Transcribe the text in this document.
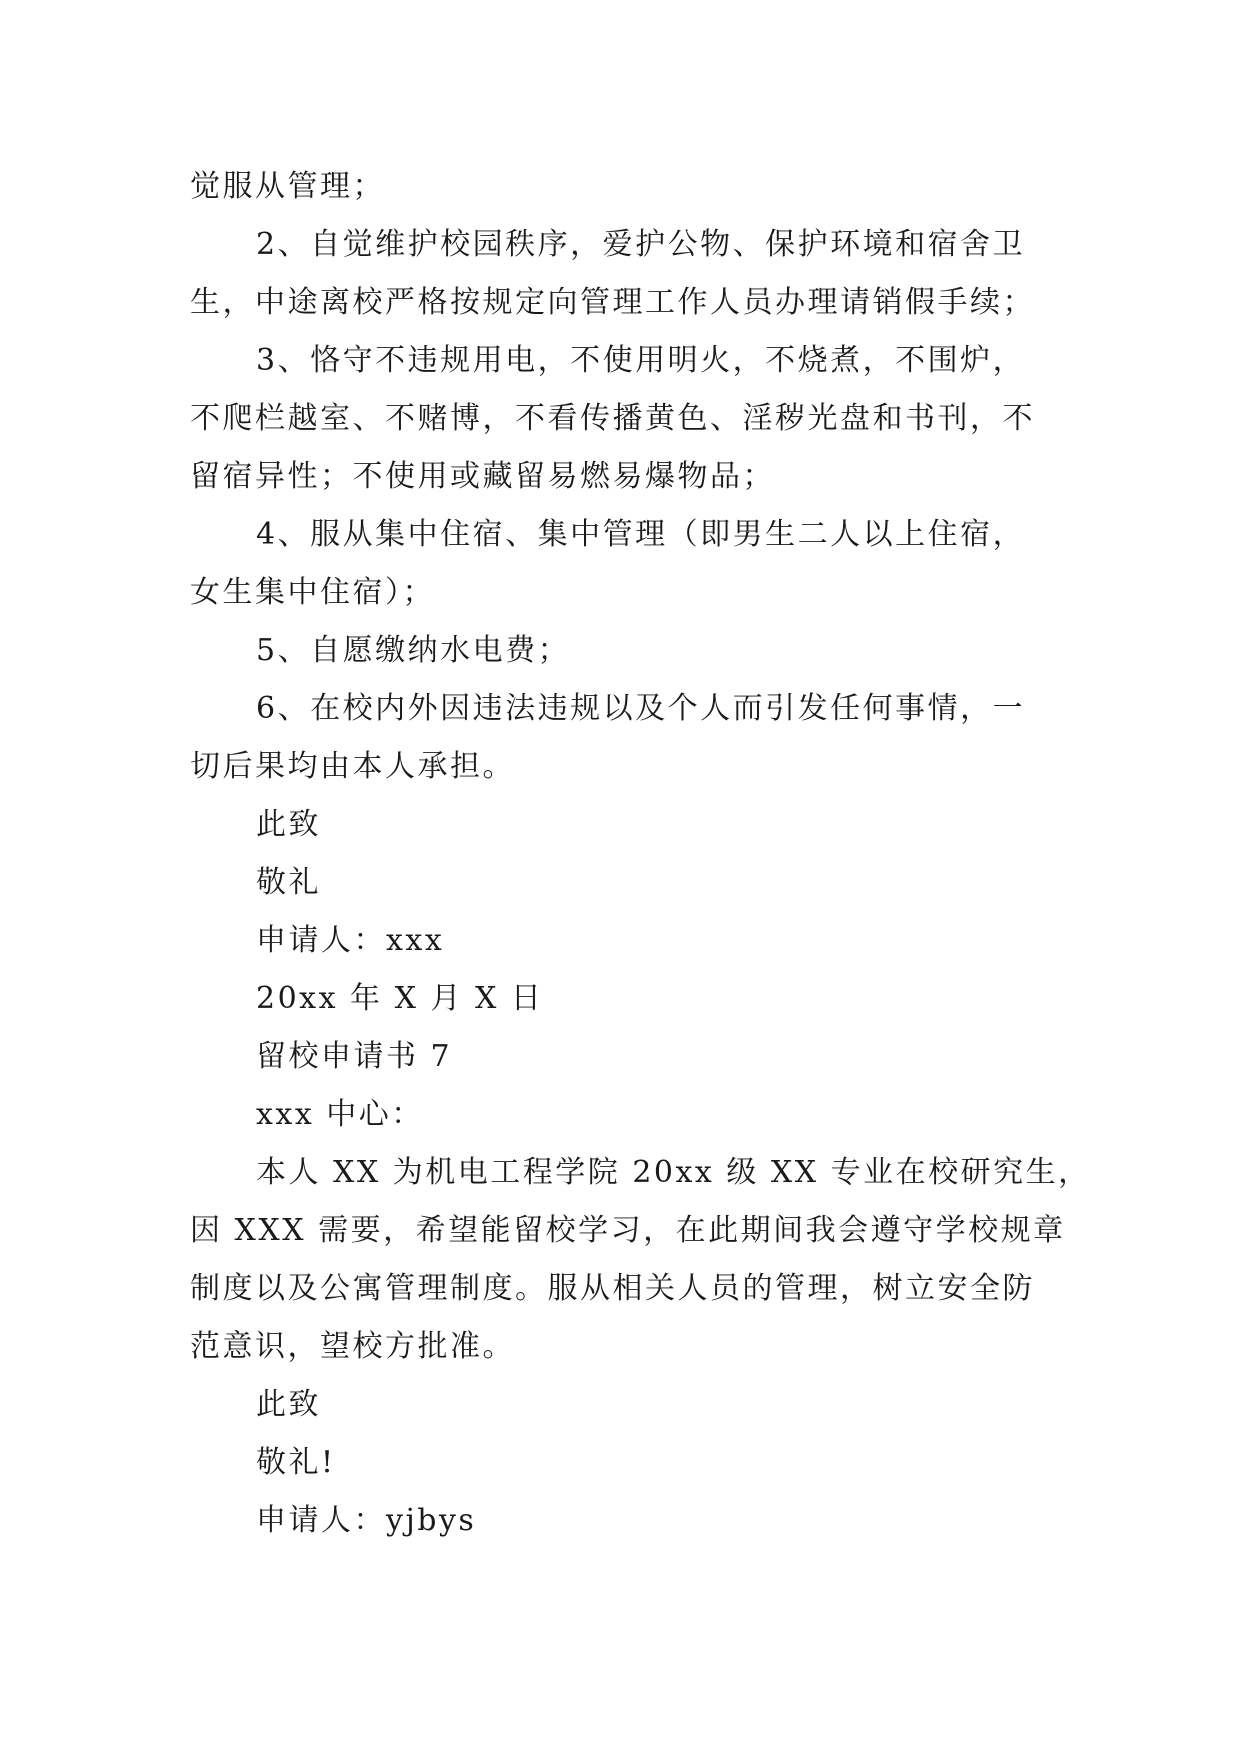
觉服从管理；
2、自觉维护校园秩序，爱护公物、保护环境和宿舍卫
生，中途离校严格按规定向管理工作人员办理请销假手续；
3、恪守不违规用电，不使用明火，不烧煮，不围炉，
不爬栏越室、不赌博，不看传播黄色、淫秽光盘和书刊，不
留宿异性；不使用或藏留易燃易爆物品；
4、服从集中住宿、集中管理（即男生二人以上住宿，
女生集中住宿）；
5、自愿缴纳水电费；
6、在校内外因违法违规以及个人而引发任何事情，一
切后果均由本人承担。
此致
敬礼
申请人：xxx
20xx 年 X 月 X 日
留校申请书 7
xxx 中心：
本人 XX 为机电工程学院 20xx 级 XX 专业在校研究生，
因 XXX 需要，希望能留校学习，在此期间我会遵守学校规章
制度以及公寓管理制度。服从相关人员的管理，树立安全防
范意识，望校方批准。
此致
敬礼!
申请人：yjbys
